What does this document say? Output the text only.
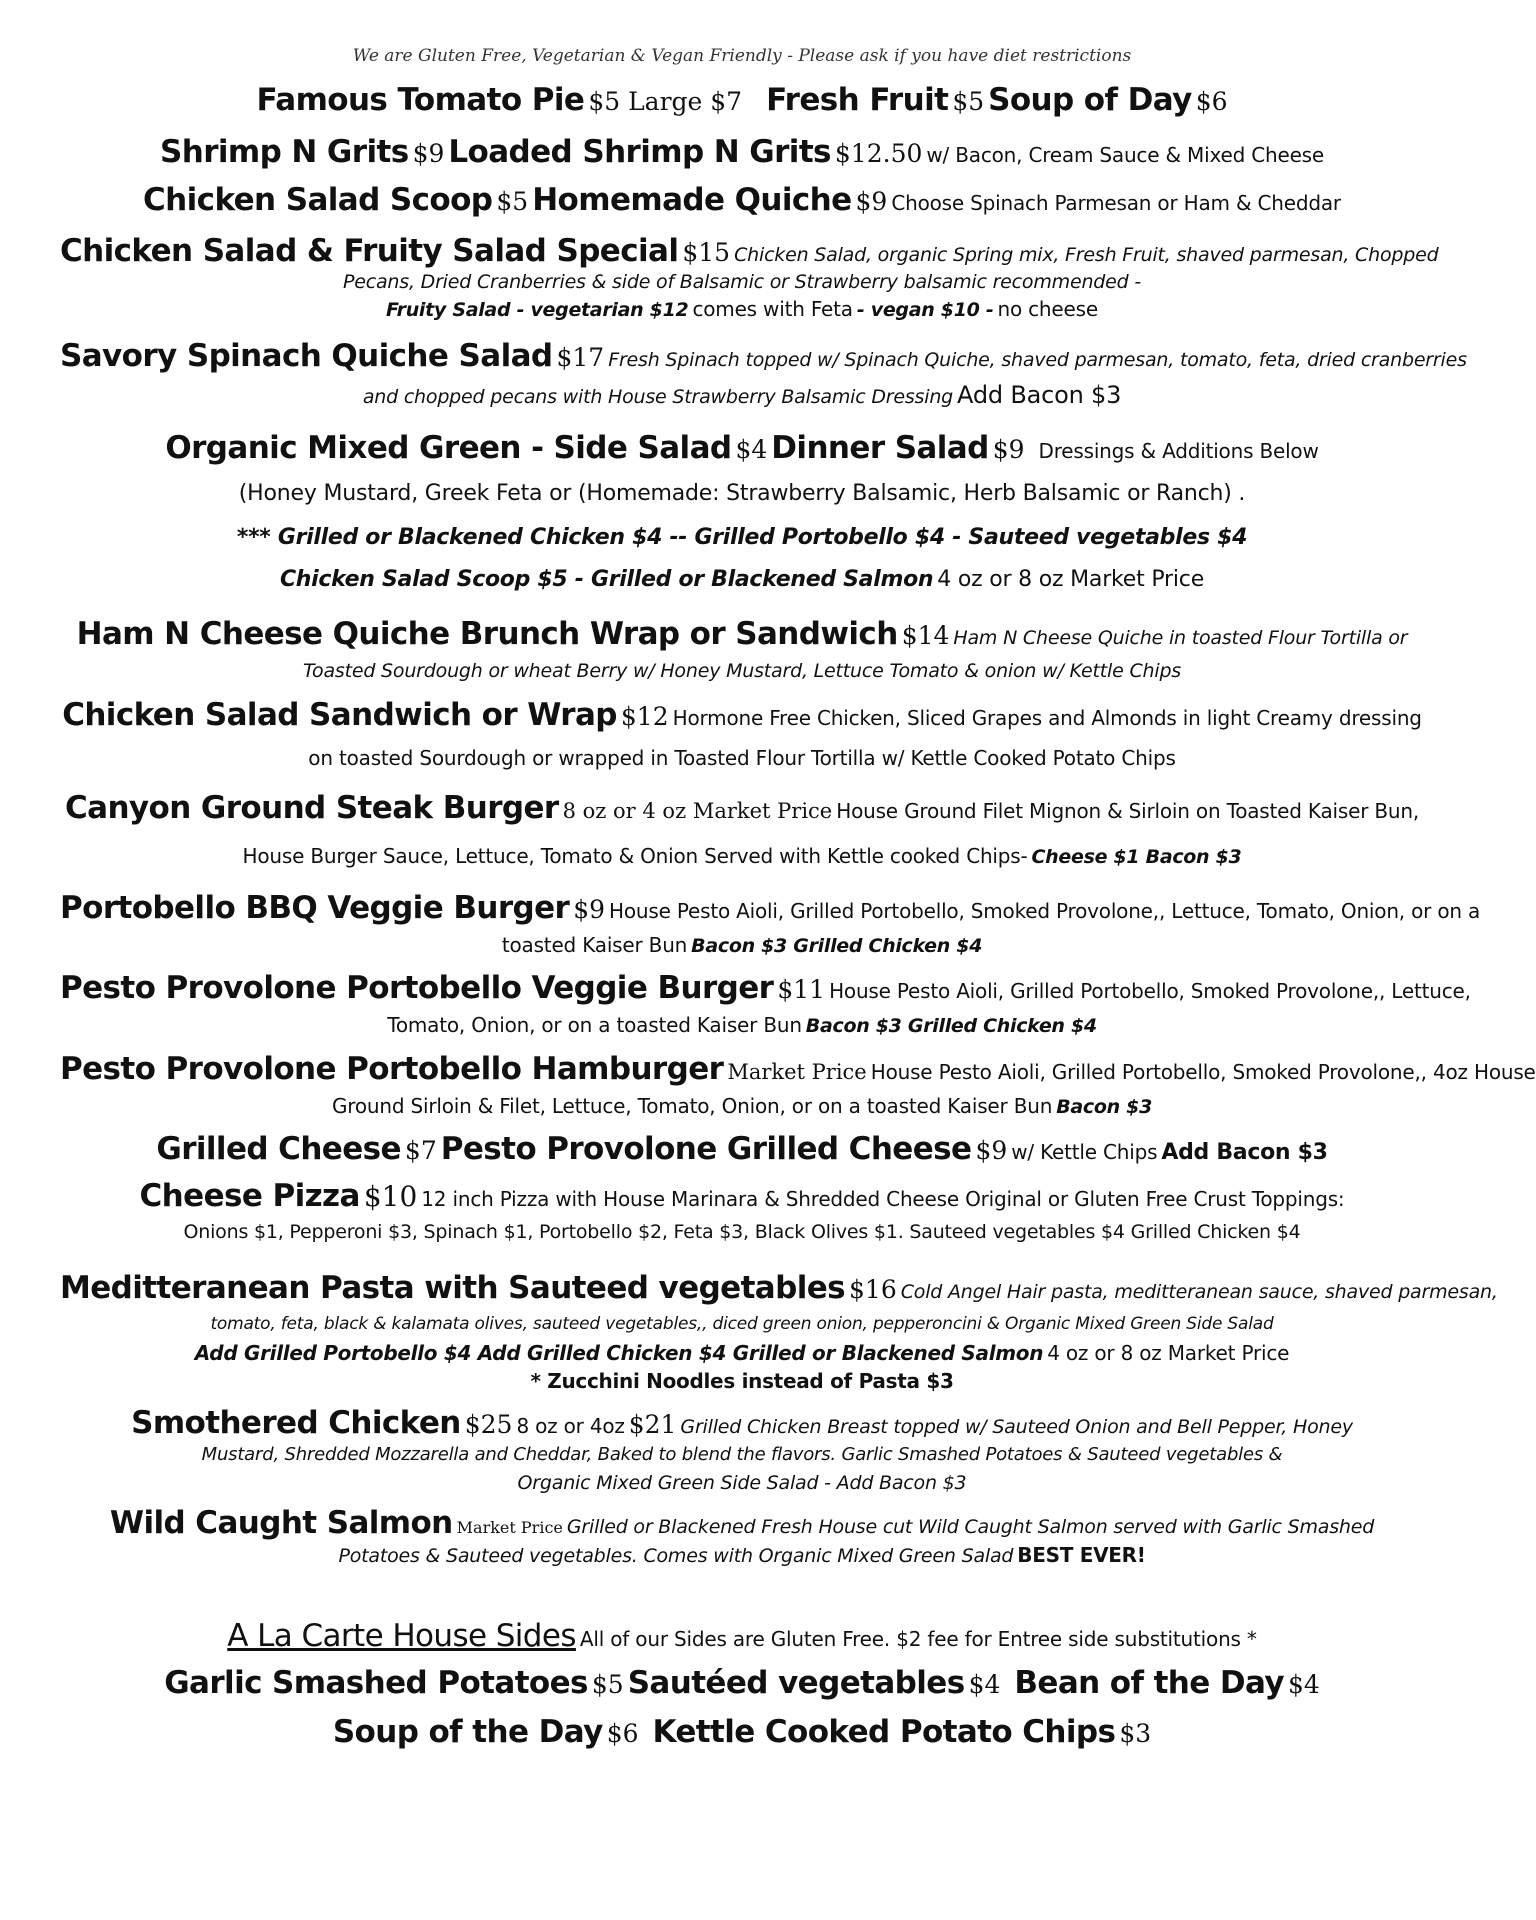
We are Gluten Free, Vegetarian & Vegan Friendly - Please ask if you have diet restrictions
Famous Tomato Pie $5 Large $7 Fresh Fruit $5 Soup of Day $6
Shrimp N Grits $9 Loaded Shrimp N Grits $12.50 w/ Bacon, Cream Sauce & Mixed Cheese
Chicken Salad Scoop $5 Homemade Quiche $9 Choose Spinach Parmesan or Ham & Cheddar
Chicken Salad & Fruity Salad Special $15 Chicken Salad, organic Spring mix, Fresh Fruit, shaved parmesan, Chopped
Pecans, Dried Cranberries & side of Balsamic or Strawberry balsamic recommended -
Fruity Salad - vegetarian $12 comes with Feta - vegan $10 - no cheese
Savory Spinach Quiche Salad $17 Fresh Spinach topped w/ Spinach Quiche, shaved parmesan, tomato, feta, dried cranberries
and chopped pecans with House Strawberry Balsamic Dressing Add Bacon $3
Organic Mixed Green - Side Salad $4 Dinner Salad $9 Dressings & Additions Below
(Honey Mustard, Greek Feta or (Homemade: Strawberry Balsamic, Herb Balsamic or Ranch) .
*** Grilled or Blackened Chicken $4 -- Grilled Portobello $4 - Sauteed vegetables $4
Chicken Salad Scoop $5 - Grilled or Blackened Salmon 4 oz or 8 oz Market Price
Ham N Cheese Quiche Brunch Wrap or Sandwich $14 Ham N Cheese Quiche in toasted Flour Tortilla or
Toasted Sourdough or wheat Berry w/ Honey Mustard, Lettuce Tomato & onion w/ Kettle Chips
Chicken Salad Sandwich or Wrap $12 Hormone Free Chicken, Sliced Grapes and Almonds in light Creamy dressing
on toasted Sourdough or wrapped in Toasted Flour Tortilla w/ Kettle Cooked Potato Chips
Canyon Ground Steak Burger 8 oz or 4 oz Market Price House Ground Filet Mignon & Sirloin on Toasted Kaiser Bun,
House Burger Sauce, Lettuce, Tomato & Onion Served with Kettle cooked Chips- Cheese $1 Bacon $3
Portobello BBQ Veggie Burger $9 House Pesto Aioli, Grilled Portobello, Smoked Provolone,, Lettuce, Tomato, Onion, or on a
toasted Kaiser Bun Bacon $3 Grilled Chicken $4
Pesto Provolone Portobello Veggie Burger $11 House Pesto Aioli, Grilled Portobello, Smoked Provolone,, Lettuce,
Tomato, Onion, or on a toasted Kaiser Bun Bacon $3 Grilled Chicken $4
Pesto Provolone Portobello Hamburger Market Price House Pesto Aioli, Grilled Portobello, Smoked Provolone,, 4oz House
Ground Sirloin & Filet, Lettuce, Tomato, Onion, or on a toasted Kaiser Bun Bacon $3
Grilled Cheese $7 Pesto Provolone Grilled Cheese $9 w/ Kettle Chips Add Bacon $3
Cheese Pizza $10 12 inch Pizza with House Marinara & Shredded Cheese Original or Gluten Free Crust Toppings:
Onions $1, Pepperoni $3, Spinach $1, Portobello $2, Feta $3, Black Olives $1. Sauteed vegetables $4 Grilled Chicken $4
Meditteranean Pasta with Sauteed vegetables $16 Cold Angel Hair pasta, meditteranean sauce, shaved parmesan,
tomato, feta, black & kalamata olives, sauteed vegetables,, diced green onion, pepperoncini & Organic Mixed Green Side Salad
Add Grilled Portobello $4 Add Grilled Chicken $4 Grilled or Blackened Salmon 4 oz or 8 oz Market Price
* Zucchini Noodles instead of Pasta $3
Smothered Chicken $25 8 oz or 4oz $21 Grilled Chicken Breast topped w/ Sauteed Onion and Bell Pepper, Honey
Mustard, Shredded Mozzarella and Cheddar, Baked to blend the flavors. Garlic Smashed Potatoes & Sauteed vegetables &
Organic Mixed Green Side Salad - Add Bacon $3
Wild Caught Salmon Market Price Grilled or Blackened Fresh House cut Wild Caught Salmon served with Garlic Smashed
Potatoes & Sauteed vegetables. Comes with Organic Mixed Green Salad BEST EVER!
A La Carte House Sides All of our Sides are Gluten Free. $2 fee for Entree side substitutions *
Garlic Smashed Potatoes $5 Sautéed vegetables $4 Bean of the Day $4
Soup of the Day $6 Kettle Cooked Potato Chips $3
